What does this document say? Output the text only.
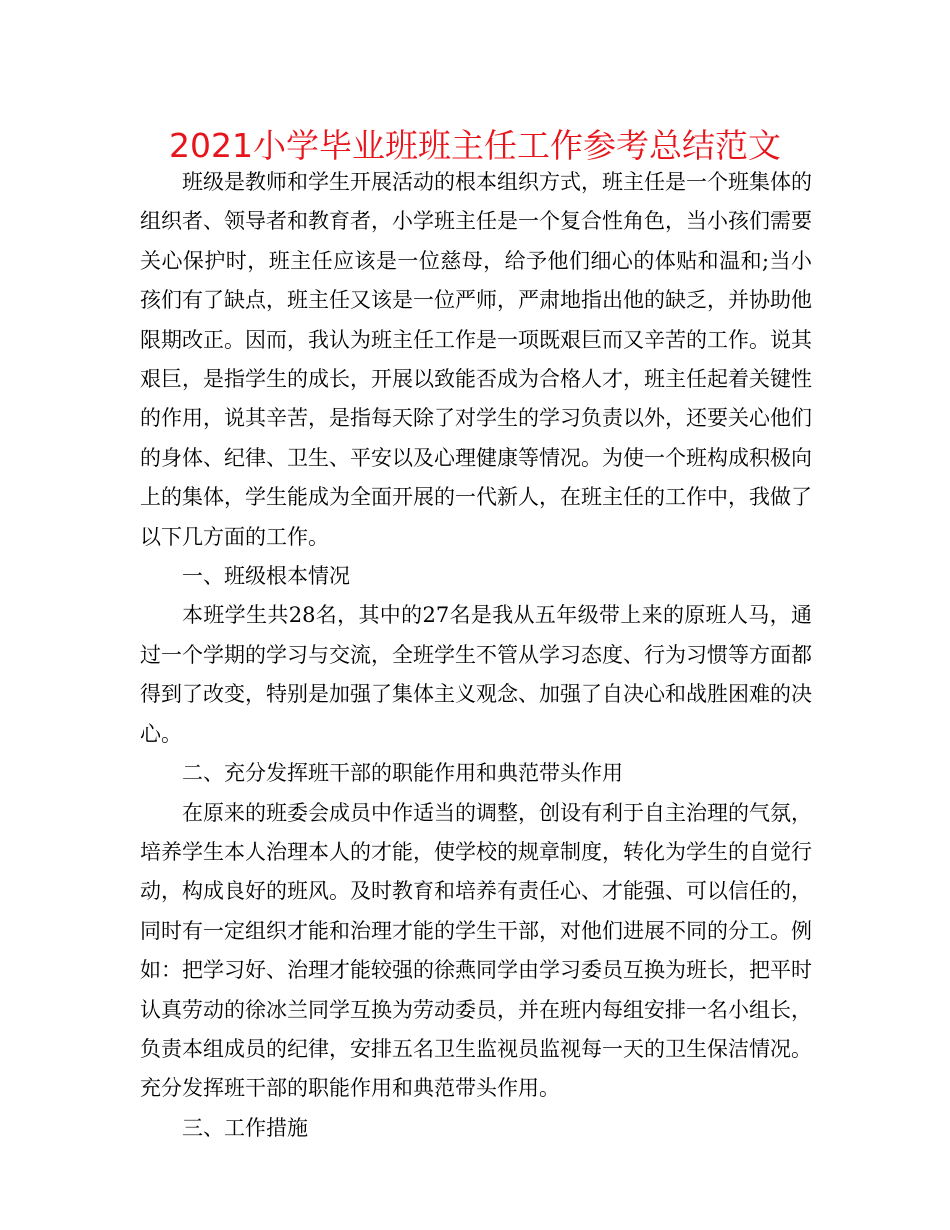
2021小学毕业班班主任工作参考总结范文

班级是教师和学生开展活动的根本组织方式，班主任是一个班集体的组织者、领导者和教育者，小学班主任是一个复合性角色，当小孩们需要关心保护时，班主任应该是一位慈母，给予他们细心的体贴和温和;当小孩们有了缺点，班主任又该是一位严师，严肃地指出他的缺乏，并协助他限期改正。因而，我认为班主任工作是一项既艰巨而又辛苦的工作。说其艰巨，是指学生的成长，开展以致能否成为合格人才，班主任起着关键性的作用，说其辛苦，是指每天除了对学生的学习负责以外，还要关心他们的身体、纪律、卫生、平安以及心理健康等情况。为使一个班构成积极向上的集体，学生能成为全面开展的一代新人，在班主任的工作中，我做了以下几方面的工作。

一、班级根本情况

本班学生共28名，其中的27名是我从五年级带上来的原班人马，通过一个学期的学习与交流，全班学生不管从学习态度、行为习惯等方面都得到了改变，特别是加强了集体主义观念、加强了自决心和战胜困难的决心。

二、充分发挥班干部的职能作用和典范带头作用

在原来的班委会成员中作适当的调整，创设有利于自主治理的气氛，培养学生本人治理本人的才能，使学校的规章制度，转化为学生的自觉行动，构成良好的班风。及时教育和培养有责任心、才能强、可以信任的，同时有一定组织才能和治理才能的学生干部，对他们进展不同的分工。例如：把学习好、治理才能较强的徐燕同学由学习委员互换为班长，把平时认真劳动的徐冰兰同学互换为劳动委员，并在班内每组安排一名小组长，负责本组成员的纪律，安排五名卫生监视员监视每一天的卫生保洁情况。充分发挥班干部的职能作用和典范带头作用。

三、工作措施
